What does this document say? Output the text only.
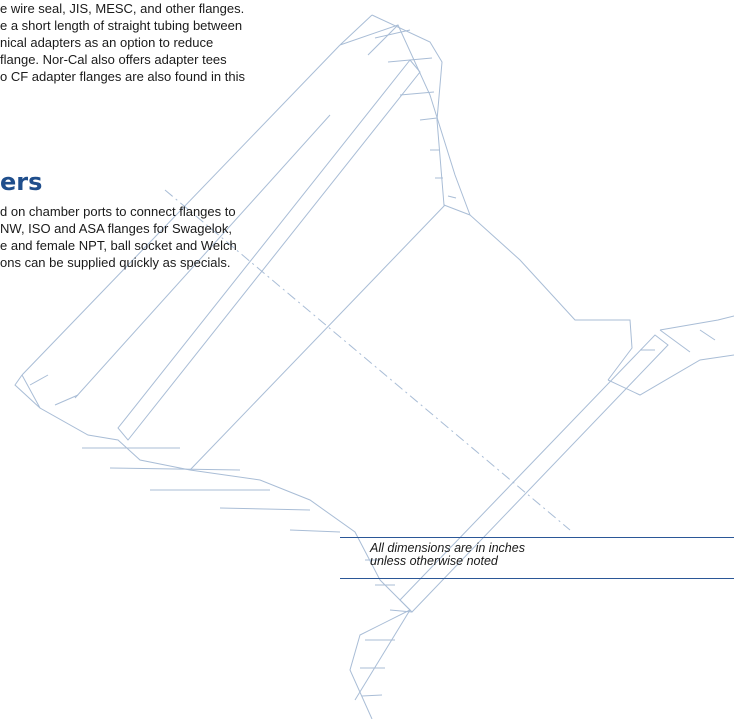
e wire seal, JIS, MESC, and other flanges.
e a short length of straight tubing between
nical adapters as an option to reduce
flange. Nor-Cal also offers adapter tees
o CF adapter flanges are also found in this

ers

d on chamber ports to connect flanges to
NW, ISO and ASA flanges for Swagelok,
e and female NPT, ball socket and Welch
ons can be supplied quickly as specials.

All dimensions are in inches
unless otherwise noted
